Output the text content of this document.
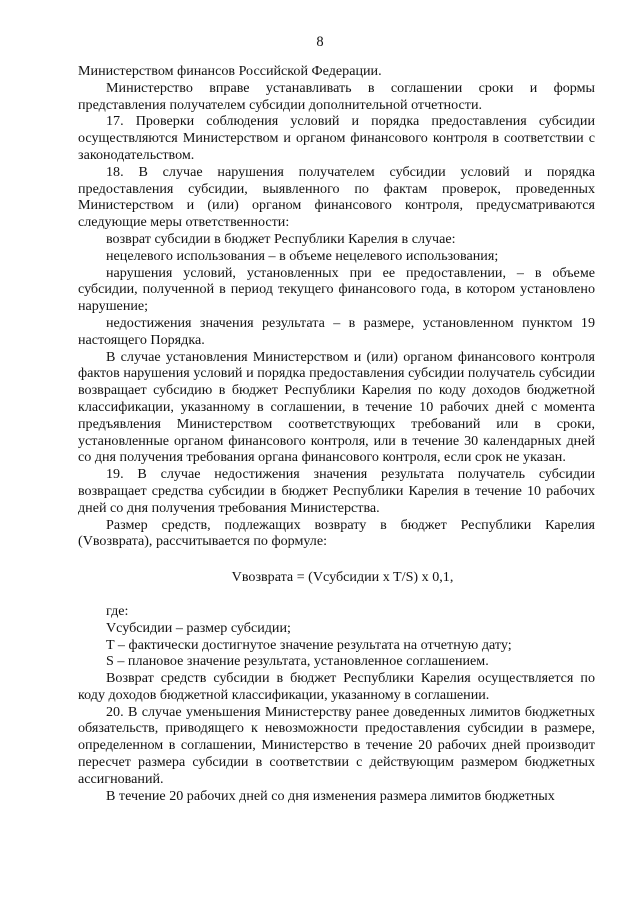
8

Министерством финансов Российской Федерации.

Министерство вправе устанавливать в соглашении сроки и формы представления получателем субсидии дополнительной отчетности.

17. Проверки соблюдения условий и порядка предоставления субсидии осуществляются Министерством и органом финансового контроля в соответствии с законодательством.

18. В случае нарушения получателем субсидии условий и порядка предоставления субсидии, выявленного по фактам проверок, проведенных Министерством и (или) органом финансового контроля, предусматриваются следующие меры ответственности:

возврат субсидии в бюджет Республики Карелия в случае:

нецелевого использования – в объеме нецелевого использования;

нарушения условий, установленных при ее предоставлении, – в объеме субсидии, полученной в период текущего финансового года, в котором установлено нарушение;

недостижения значения результата – в размере, установленном пунктом 19 настоящего Порядка.

В случае установления Министерством и (или) органом финансового контроля фактов нарушения условий и порядка предоставления субсидии получатель субсидии возвращает субсидию в бюджет Республики Карелия по коду доходов бюджетной классификации, указанному в соглашении, в течение 10 рабочих дней с момента предъявления Министерством соответствующих требований или в сроки, установленные органом финансового контроля, или в течение 30 календарных дней со дня получения требования органа финансового контроля, если срок не указан.

19. В случае недостижения значения результата получатель субсидии возвращает средства субсидии в бюджет Республики Карелия в течение 10 рабочих дней со дня получения требования Министерства.

Размер средств, подлежащих возврату в бюджет Республики Карелия (Vвозврата), рассчитывается по формуле:

Vвозврата = (Vсубсидии x T/S) x 0,1,

где:

Vсубсидии – размер субсидии;

T – фактически достигнутое значение результата на отчетную дату;

S – плановое значение результата, установленное соглашением.

Возврат средств субсидии в бюджет Республики Карелия осуществляется по коду доходов бюджетной классификации, указанному в соглашении.

20. В случае уменьшения Министерству ранее доведенных лимитов бюджетных обязательств, приводящего к невозможности предоставления субсидии в размере, определенном в соглашении, Министерство в течение 20 рабочих дней производит пересчет размера субсидии в соответствии с действующим размером бюджетных ассигнований.

В течение 20 рабочих дней со дня изменения размера лимитов бюджетных
